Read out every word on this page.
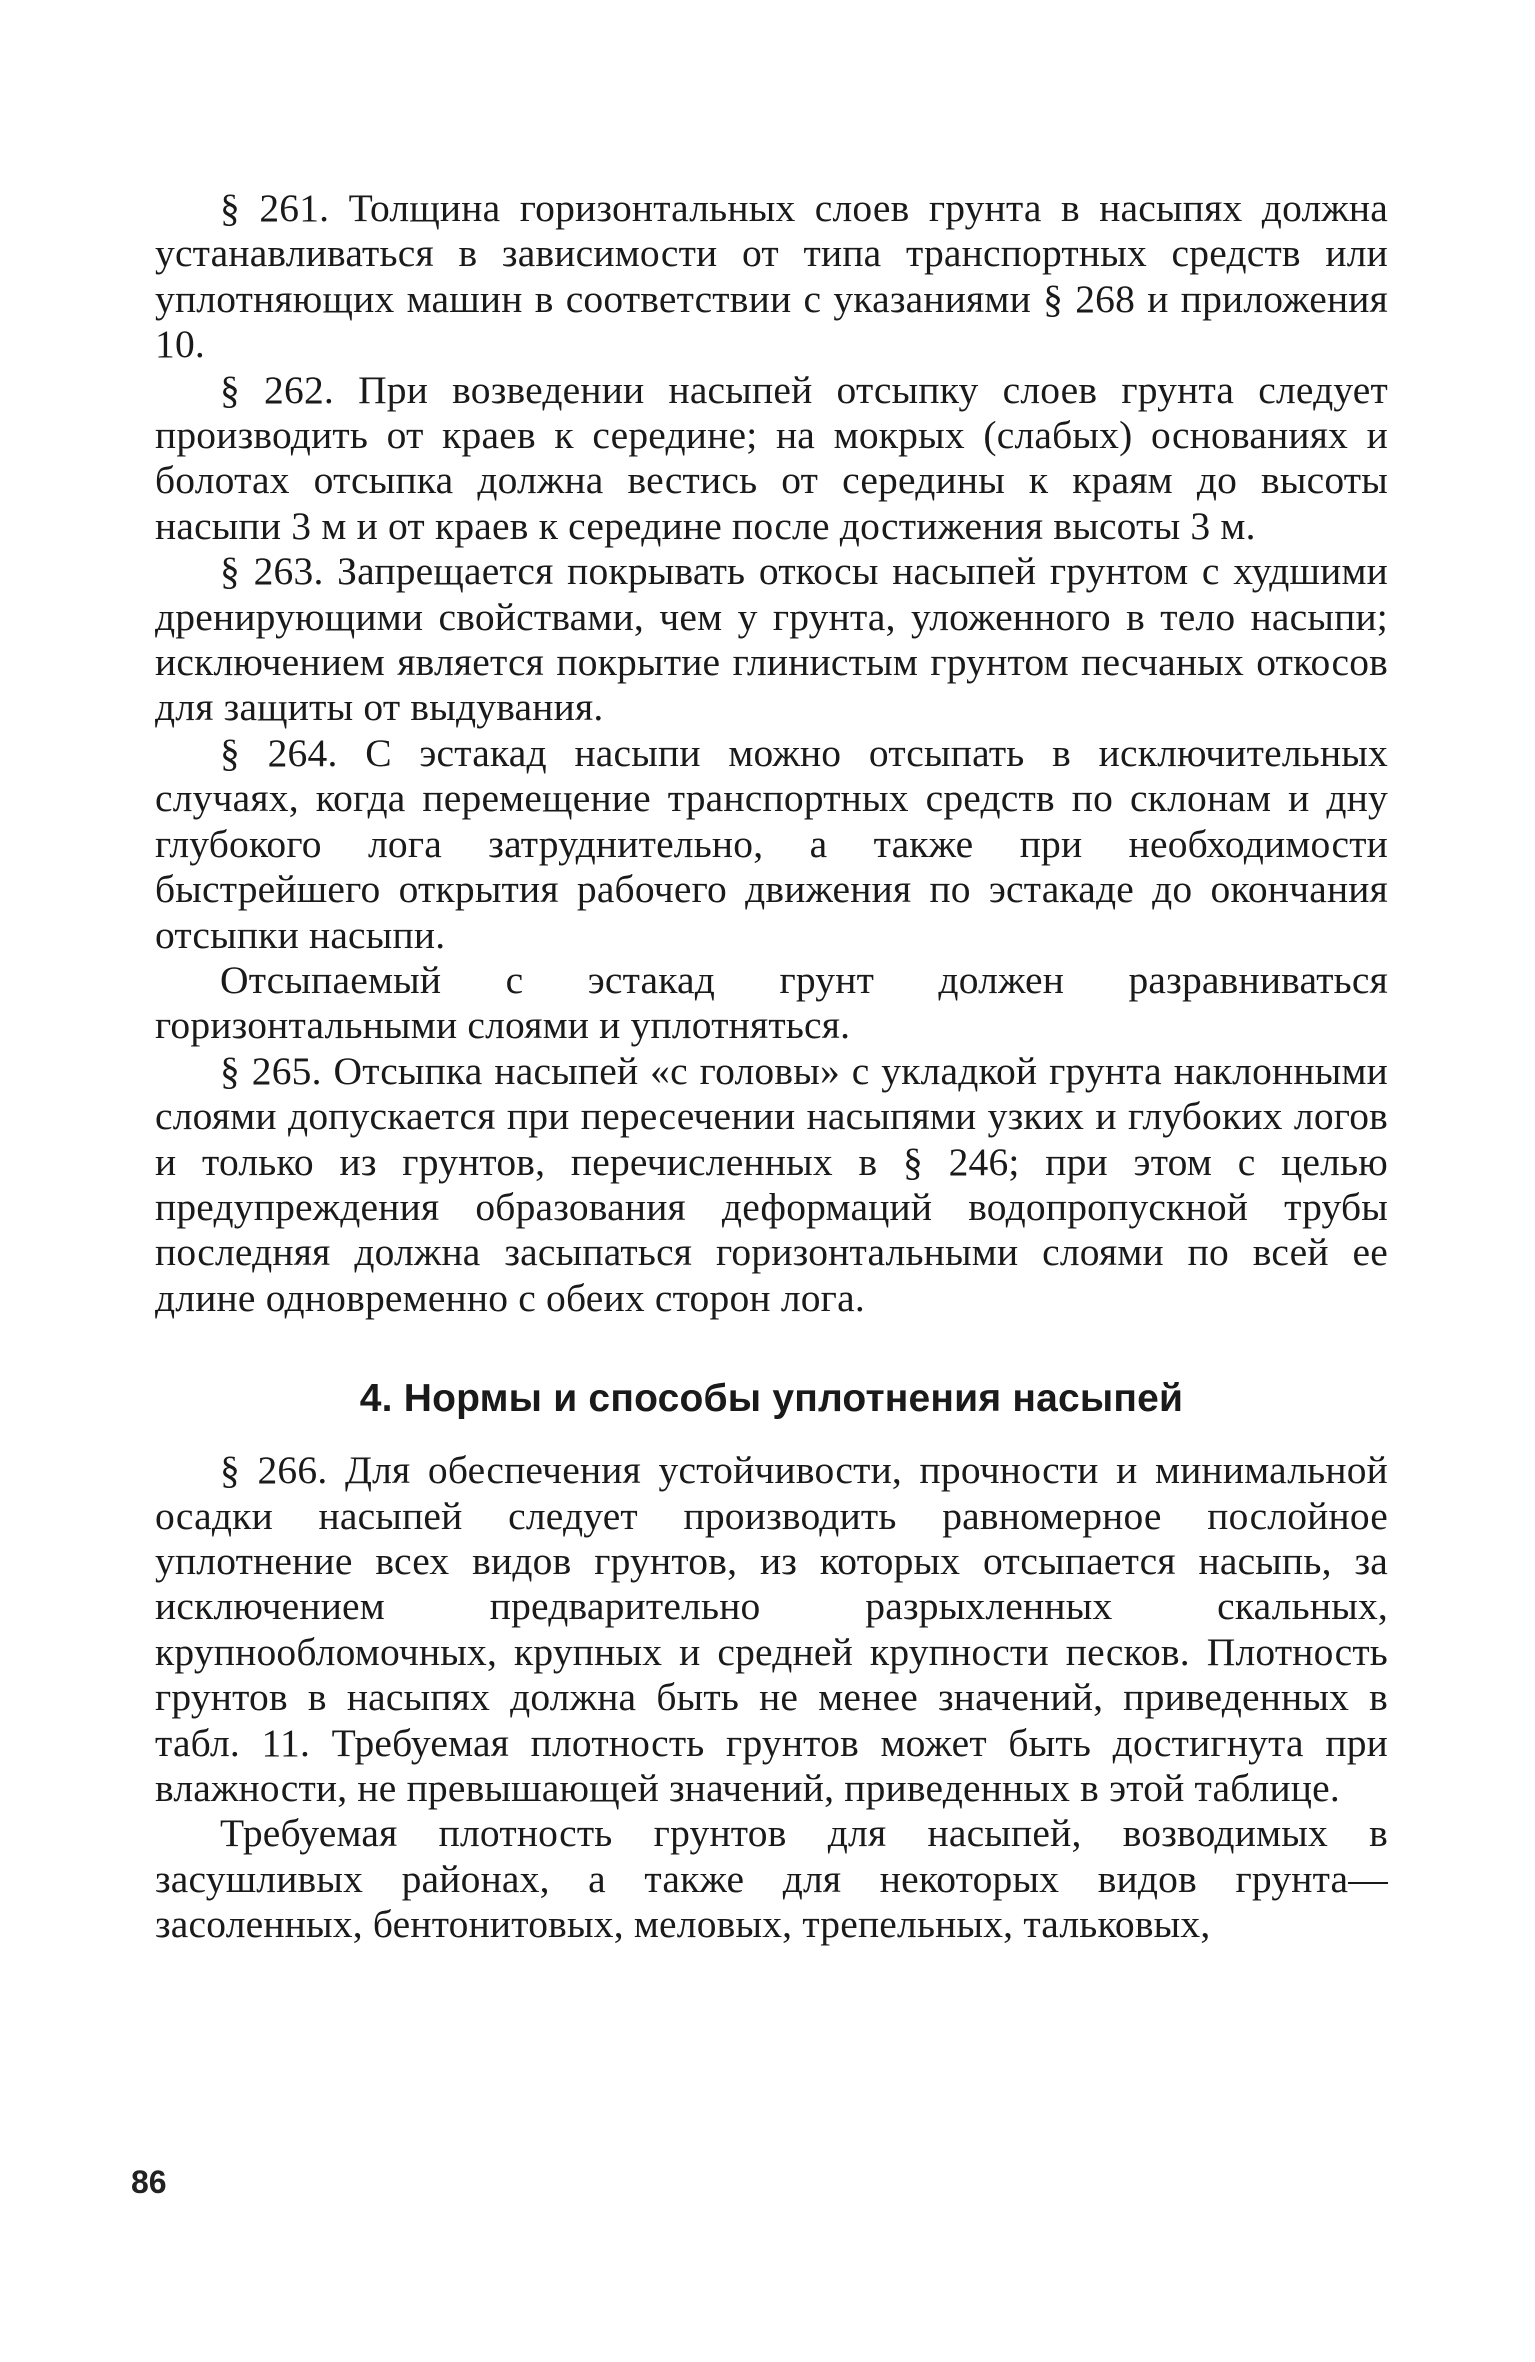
§ 261. Толщина горизонтальных слоев грунта в насыпях должна устанавливаться в зависимости от типа транспортных средств или уплотняющих машин в соответствии с указаниями § 268 и приложения 10.

§ 262. При возведении насыпей отсыпку слоев грунта следует производить от краев к середине; на мокрых (слабых) основаниях и болотах отсыпка должна вестись от середины к краям до высоты насыпи 3 м и от краев к середине после достижения высоты 3 м.

§ 263. Запрещается покрывать откосы насыпей грунтом с худшими дренирующими свойствами, чем у грунта, уложенного в тело насыпи; исключением является покрытие глинистым грунтом песчаных откосов для защиты от выдувания.

§ 264. С эстакад насыпи можно отсыпать в исключительных случаях, когда перемещение транспортных средств по склонам и дну глубокого лога затруднительно, а также при необходимости быстрейшего открытия рабочего движения по эстакаде до окончания отсыпки насыпи.

Отсыпаемый с эстакад грунт должен разравниваться горизонтальными слоями и уплотняться.

§ 265. Отсыпка насыпей «с головы» с укладкой грунта наклонными слоями допускается при пересечении насыпями узких и глубоких логов и только из грунтов, перечисленных в § 246; при этом с целью предупреждения образования деформаций водопропускной трубы последняя должна засыпаться горизонтальными слоями по всей ее длине одновременно с обеих сторон лога.

4. Нормы и способы уплотнения насыпей

§ 266. Для обеспечения устойчивости, прочности и минимальной осадки насыпей следует производить равномерное послойное уплотнение всех видов грунтов, из которых отсыпается насыпь, за исключением предварительно разрыхленных скальных, крупнообломочных, крупных и средней крупности песков. Плотность грунтов в насыпях должна быть не менее значений, приведенных в табл. 11. Требуемая плотность грунтов может быть достигнута при влажности, не превышающей значений, приведенных в этой таблице.

Требуемая плотность грунтов для насыпей, возводимых в засушливых районах, а также для некоторых видов грунта— засоленных, бентонитовых, меловых, трепельных, тальковых,

86
